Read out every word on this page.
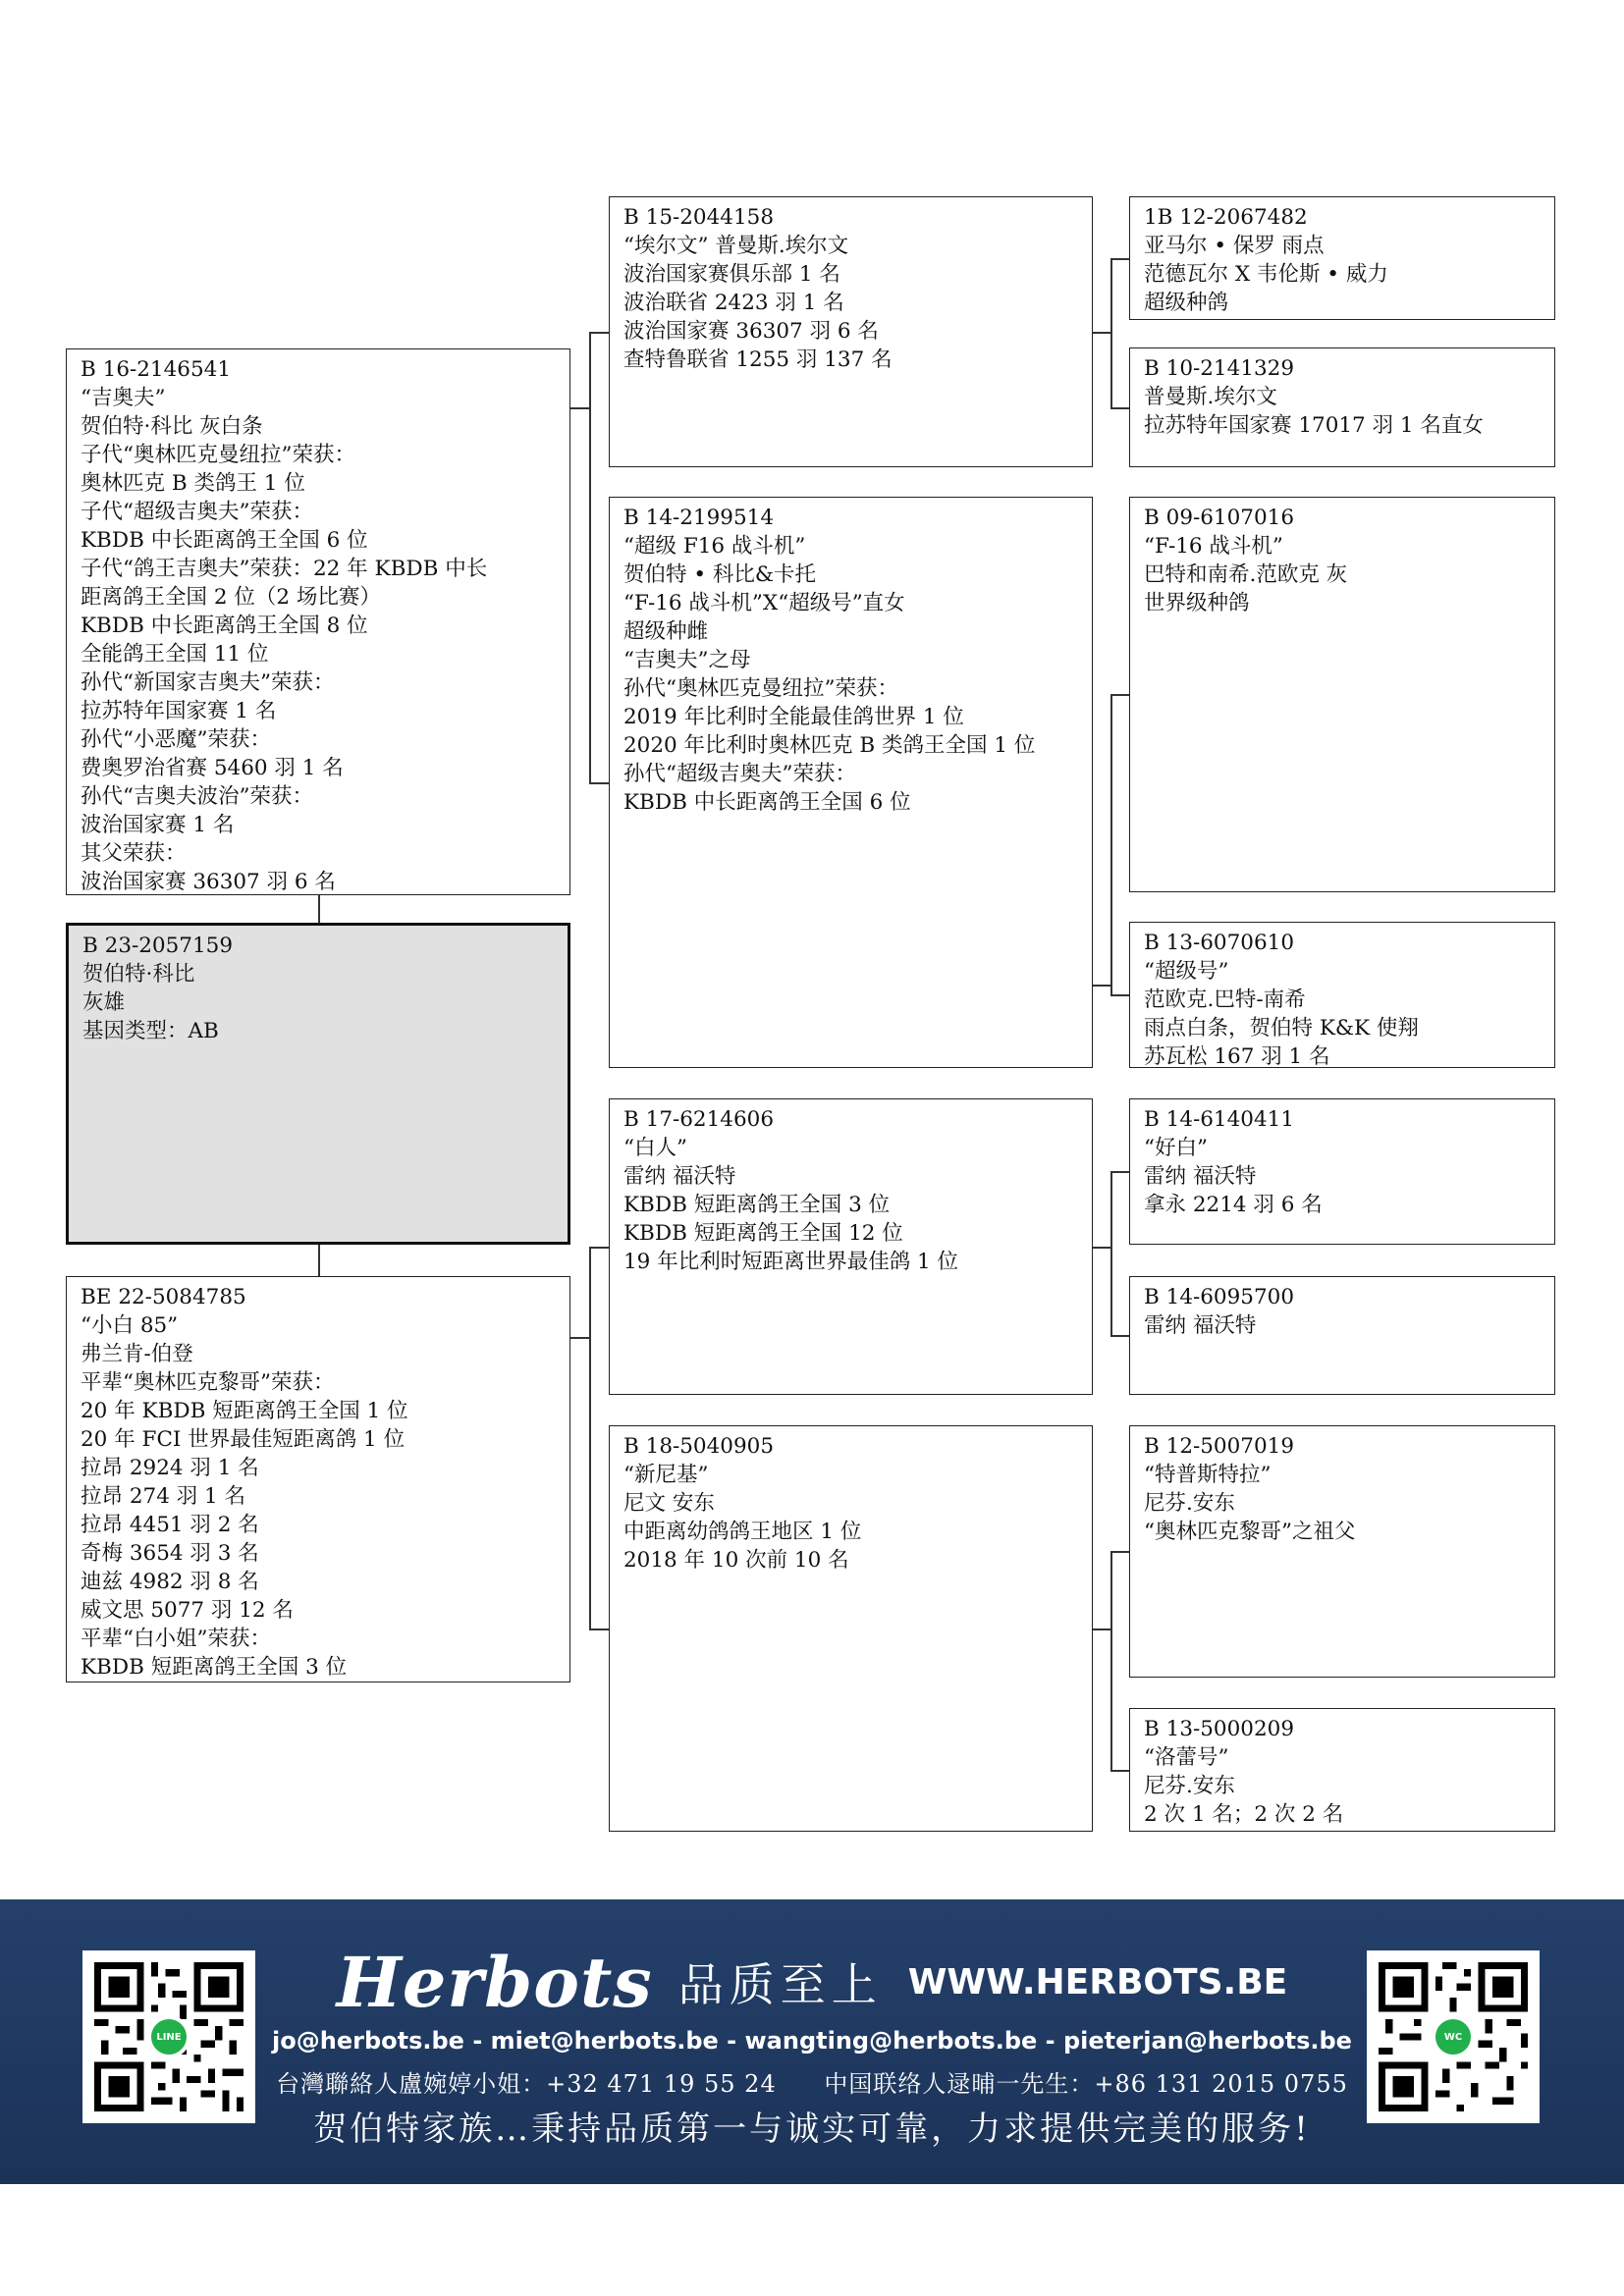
B 16-2146541
“吉奥夫”
贺伯特·科比 灰白条
子代“奥林匹克曼纽拉”荣获：
奥林匹克 B 类鸽王 1 位
子代“超级吉奥夫”荣获：
KBDB 中长距离鸽王全国 6 位
子代“鸽王吉奥夫”荣获：22 年 KBDB 中长
距离鸽王全国 2 位（2 场比赛）
KBDB 中长距离鸽王全国 8 位
全能鸽王全国 11 位
孙代“新国家吉奥夫”荣获：
拉苏特年国家赛 1 名
孙代“小恶魔”荣获：
费奥罗治省赛 5460 羽 1 名
孙代“吉奥夫波治”荣获：
波治国家赛 1 名
其父荣获：
波治国家赛 36307 羽 6 名
B 23-2057159
贺伯特·科比
灰雄
基因类型：AB
BE 22-5084785
“小白 85”
弗兰肯-伯登
平辈“奥林匹克黎哥”荣获：
20 年 KBDB 短距离鸽王全国 1 位
20 年 FCI 世界最佳短距离鸽 1 位
拉昂 2924 羽 1 名
拉昂 274 羽 1 名
拉昂 4451 羽 2 名
奇梅 3654 羽 3 名
迪兹 4982 羽 8 名
威文思 5077 羽 12 名
平辈“白小姐”荣获：
KBDB 短距离鸽王全国 3 位
B 15-2044158
“埃尔文” 普曼斯.埃尔文
波治国家赛俱乐部 1 名
波治联省 2423 羽 1 名
波治国家赛 36307 羽 6 名
查特鲁联省 1255 羽 137 名
B 14-2199514
“超级 F16 战斗机”
贺伯特 • 科比&卡托
“F-16 战斗机”X“超级号”直女
超级种雌
“吉奥夫”之母
孙代“奥林匹克曼纽拉”荣获：
2019 年比利时全能最佳鸽世界 1 位
2020 年比利时奥林匹克 B 类鸽王全国 1 位
孙代“超级吉奥夫”荣获：
KBDB 中长距离鸽王全国 6 位
B 17-6214606
“白人”
雷纳 福沃特
KBDB 短距离鸽王全国 3 位
KBDB 短距离鸽王全国 12 位
19 年比利时短距离世界最佳鸽 1 位
B 18-5040905
“新尼基”
尼文 安东
中距离幼鸽鸽王地区 1 位
2018 年 10 次前 10 名
1B 12-2067482
亚马尔 • 保罗 雨点
范德瓦尔 X 韦伦斯 • 威力
超级种鸽
B 10-2141329
普曼斯.埃尔文
拉苏特年国家赛 17017 羽 1 名直女
B 09-6107016
“F-16 战斗机”
巴特和南希.范欧克 灰
世界级种鸽
B 13-6070610
“超级号”
范欧克.巴特-南希
雨点白条，贺伯特 K&K 使翔
苏瓦松 167 羽 1 名
B 14-6140411
“好白”
雷纳 福沃特
拿永 2214 羽 6 名
B 14-6095700
雷纳 福沃特
B 12-5007019
“特普斯特拉”
尼芬.安东
“奥林匹克黎哥”之祖父
B 13-5000209
“洛蕾号”
尼芬.安东
2 次 1 名；2 次 2 名
LINE
Herbots 品质至上 WWW.HERBOTS.BE
jo@herbots.be - miet@herbots.be - wangting@herbots.be - pieterjan@herbots.be
台灣聯絡人盧婉婷小姐：+32 471 19 55 24 中国联络人逯晡一先生：+86 131 2015 0755
贺伯特家族…秉持品质第一与诚实可靠，力求提供完美的服务!
WC
